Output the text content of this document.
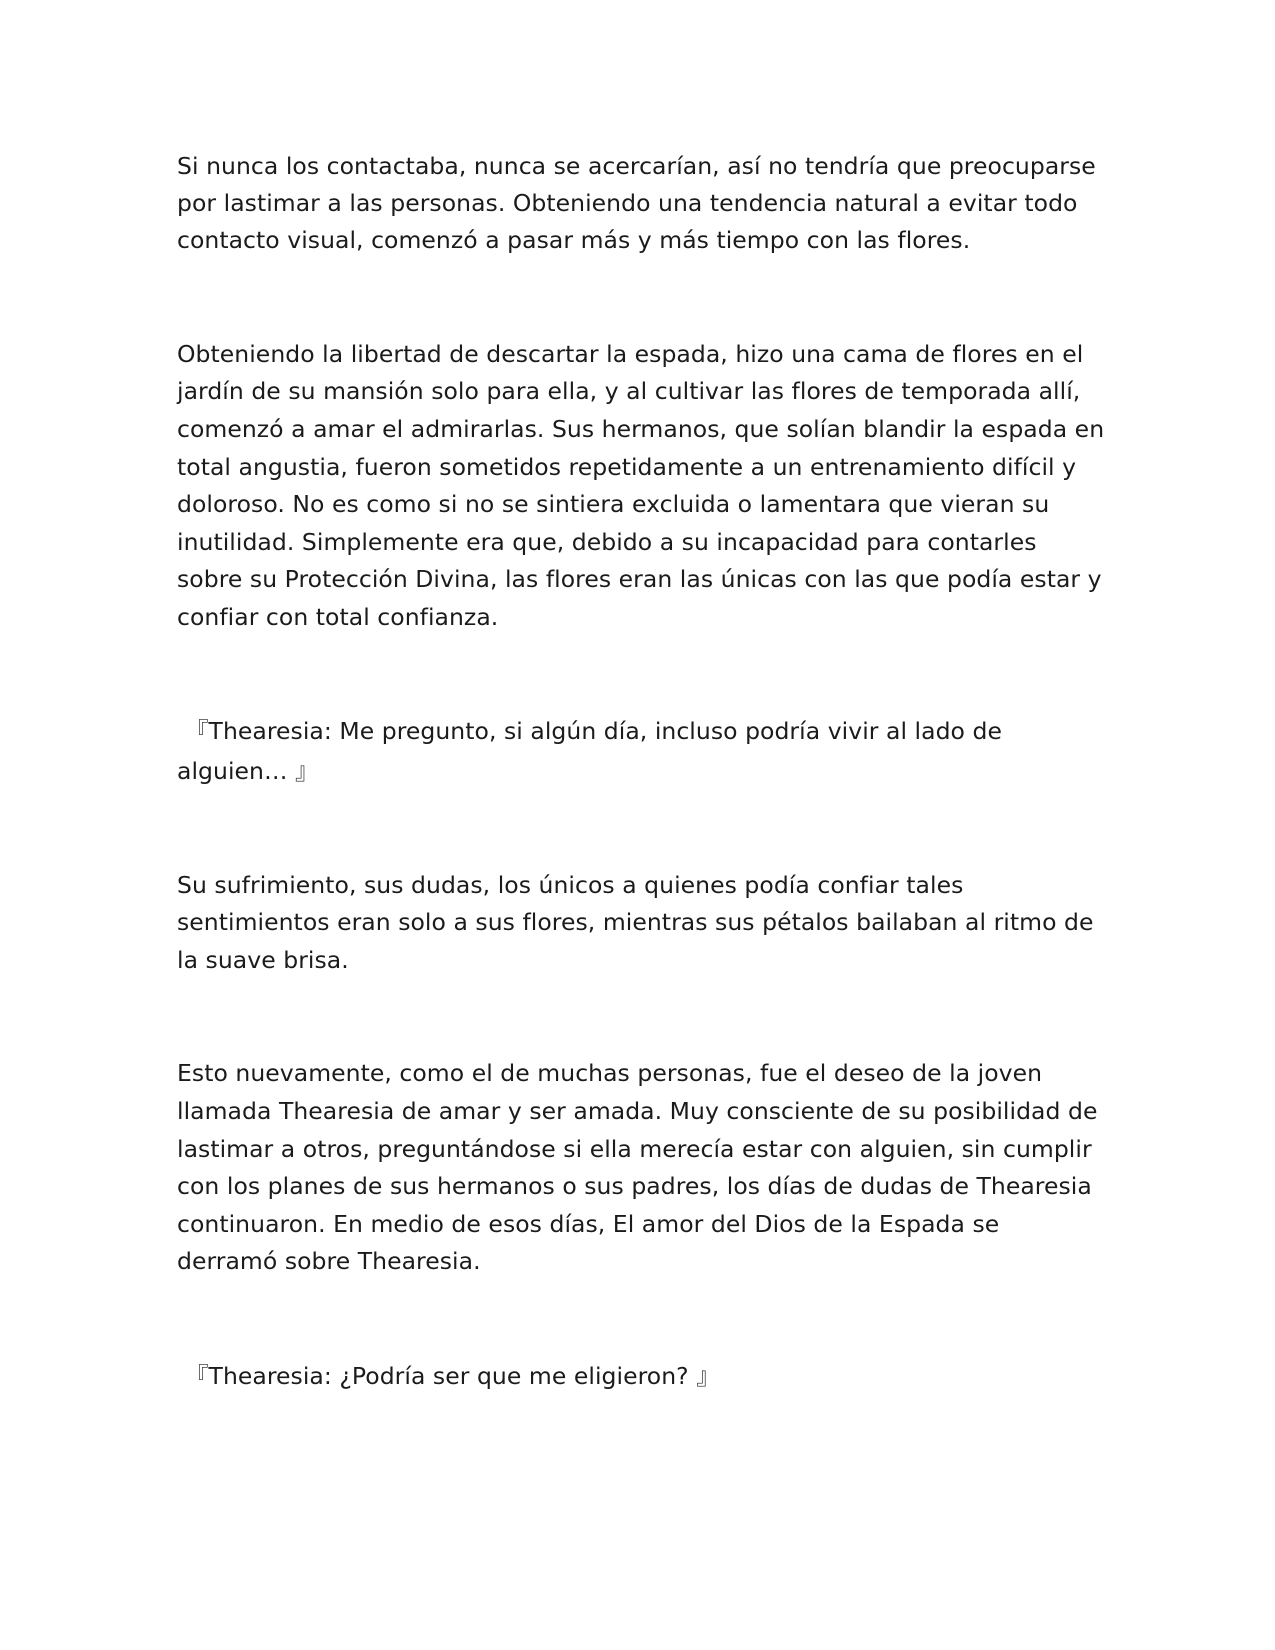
Si nunca los contactaba, nunca se acercarían, así no tendría que preocuparse

por lastimar a las personas. Obteniendo una tendencia natural a evitar todo

contacto visual, comenzó a pasar más y más tiempo con las flores.

Obteniendo la libertad de descartar la espada, hizo una cama de flores en el

jardín de su mansión solo para ella, y al cultivar las flores de temporada allí,

comenzó a amar el admirarlas. Sus hermanos, que solían blandir la espada en

total angustia, fueron sometidos repetidamente a un entrenamiento difícil y

doloroso. No es como si no se sintiera excluida o lamentara que vieran su

inutilidad. Simplemente era que, debido a su incapacidad para contarles

sobre su Protección Divina, las flores eran las únicas con las que podía estar y

confiar con total confianza.

『Thearesia: Me pregunto, si algún día, incluso podría vivir al lado de

alguien… 』

Su sufrimiento, sus dudas, los únicos a quienes podía confiar tales

sentimientos eran solo a sus flores, mientras sus pétalos bailaban al ritmo de

la suave brisa.

Esto nuevamente, como el de muchas personas, fue el deseo de la joven

llamada Thearesia de amar y ser amada. Muy consciente de su posibilidad de

lastimar a otros, preguntándose si ella merecía estar con alguien, sin cumplir

con los planes de sus hermanos o sus padres, los días de dudas de Thearesia

continuaron. En medio de esos días, El amor del Dios de la Espada se

derramó sobre Thearesia.

『Thearesia: ¿Podría ser que me eligieron? 』
